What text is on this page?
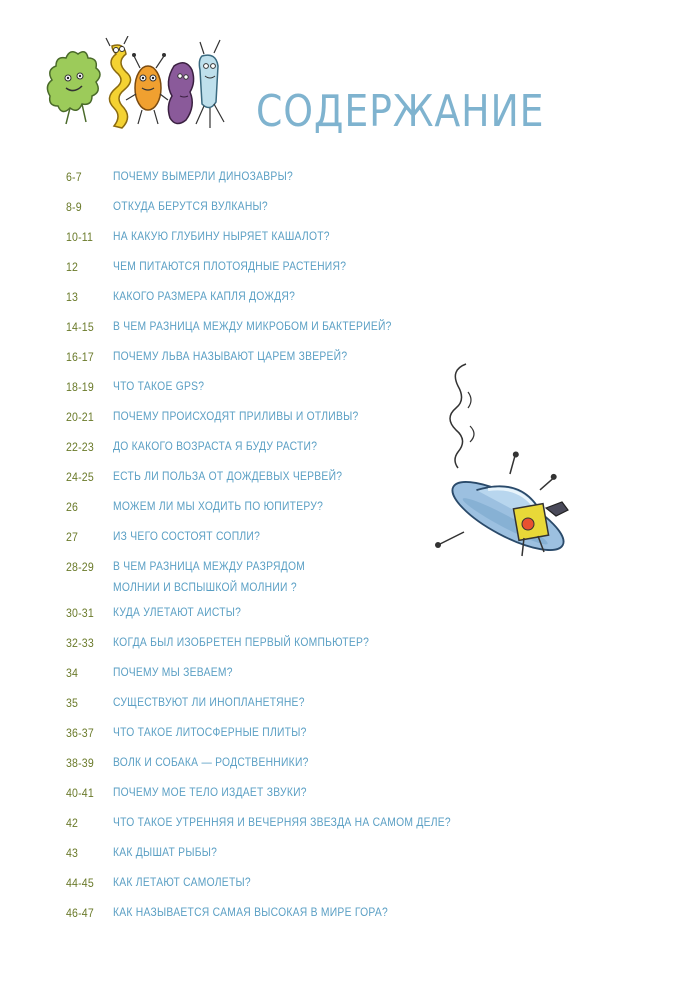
СОДЕРЖАНИЕ
6-7	ПОЧЕМУ ВЫМЕРЛИ ДИНОЗАВРЫ?
8-9	ОТКУДА БЕРУТСЯ ВУЛКАНЫ?
10-11 НА КАКУЮ ГЛУБИНУ НЫРЯЕТ КАШАЛОТ?
12	ЧЕМ ПИТАЮТСЯ ПЛОТОЯДНЫЕ РАСТЕНИЯ?
13	КАКОГО РАЗМЕРА КАПЛЯ ДОЖДЯ?
14-15 В ЧЕМ РАЗНИЦА МЕЖДУ МИКРОБОМ И БАКТЕРИЕЙ?
16-17 ПОЧЕМУ ЛЬВА НАЗЫВАЮТ ЦАРЕМ ЗВЕРЕЙ?
18-19 ЧТО ТАКОЕ GPS?
20-21 ПОЧЕМУ ПРОИСХОДЯТ ПРИЛИВЫ И ОТЛИВЫ?
22-23 ДО КАКОГО ВОЗРАСТА Я БУДУ РАСТИ?
24-25 ЕСТЬ ЛИ ПОЛЬЗА ОТ ДОЖДЕВЫХ ЧЕРВЕЙ?
26	МОЖЕМ ЛИ МЫ ХОДИТЬ ПО ЮПИТЕРУ?
27	ИЗ ЧЕГО СОСТОЯТ СОПЛИ?
28-29 В ЧЕМ РАЗНИЦА МЕЖДУ РАЗРЯДОМ
МОЛНИИ И ВСПЫШКОЙ МОЛНИИ ?
30-31 КУДА УЛЕТАЮТ АИСТЫ?
32-33 КОГДА БЫЛ ИЗОБРЕТЕН ПЕРВЫЙ КОМПЬЮТЕР?
34	ПОЧЕМУ МЫ ЗЕВАЕМ?
35	СУЩЕСТВУЮТ ЛИ ИНОПЛАНЕТЯНЕ?
36-37 ЧТО ТАКОЕ ЛИТОСФЕРНЫЕ ПЛИТЫ?
38-39 ВОЛК И СОБАКА — РОДСТВЕННИКИ?
40-41 ПОЧЕМУ МОЕ ТЕЛО ИЗДАЕТ ЗВУКИ?
42	ЧТО ТАКОЕ УТРЕННЯЯ И ВЕЧЕРНЯЯ ЗВЕЗДА НА САМОМ ДЕЛЕ?
43	КАК ДЫШАТ РЫБЫ?
44-45 КАК ЛЕТАЮТ САМОЛЕТЫ?
46-47 КАК НАЗЫВАЕТСЯ САМАЯ ВЫСОКАЯ В МИРЕ ГОРА?
